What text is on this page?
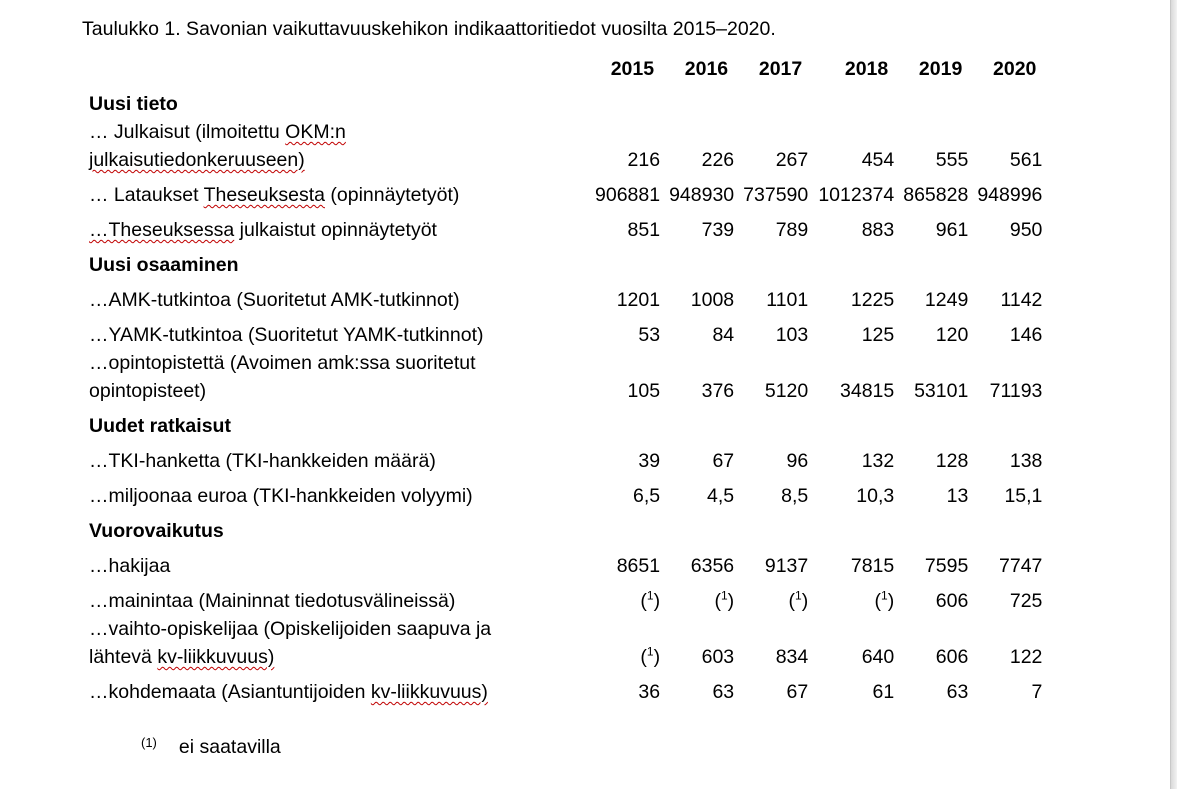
Taulukko 1. Savonian vaikuttavuuskehikon indikaattoritiedot vuosilta 2015–2020.
	2015	2016	2017	2018	2019	2020
Uusi tieto						
… Julkaisut (ilmoitettu OKM:n
julkaisutiedonkeruuseen)	216	226	267	454	555	561
… Lataukset Theseuksesta (opinnäytetyöt)	906881	948930	737590	1012374	865828	948996
…Theseuksessa julkaistut opinnäytetyöt	851	739	789	883	961	950
Uusi osaaminen						
…AMK-tutkintoa (Suoritetut AMK-tutkinnot)	1201	1008	1101	1225	1249	1142
…YAMK-tutkintoa (Suoritetut YAMK-tutkinnot)	53	84	103	125	120	146
…opintopistettä (Avoimen amk:ssa suoritetut
opintopisteet)	105	376	5120	34815	53101	71193
Uudet ratkaisut						
…TKI-hanketta (TKI-hankkeiden määrä)	39	67	96	132	128	138
…miljoonaa euroa (TKI-hankkeiden volyymi)	6,5	4,5	8,5	10,3	13	15,1
Vuorovaikutus						
…hakijaa	8651	6356	9137	7815	7595	7747
…mainintaa (Maininnat tiedotusvälineissä)	($^1$)	($^1$)	($^1$)	($^1$)	606	725
…vaihto-opiskelijaa (Opiskelijoiden saapuva ja
lähtevä kv-liikkuvuus)	($^1$)	603	834	640	606	122
…kohdemaata (Asiantuntijoiden kv-liikkuvuus)	36	63	67	61	63	7
$^{(1)}$ ei saatavilla
